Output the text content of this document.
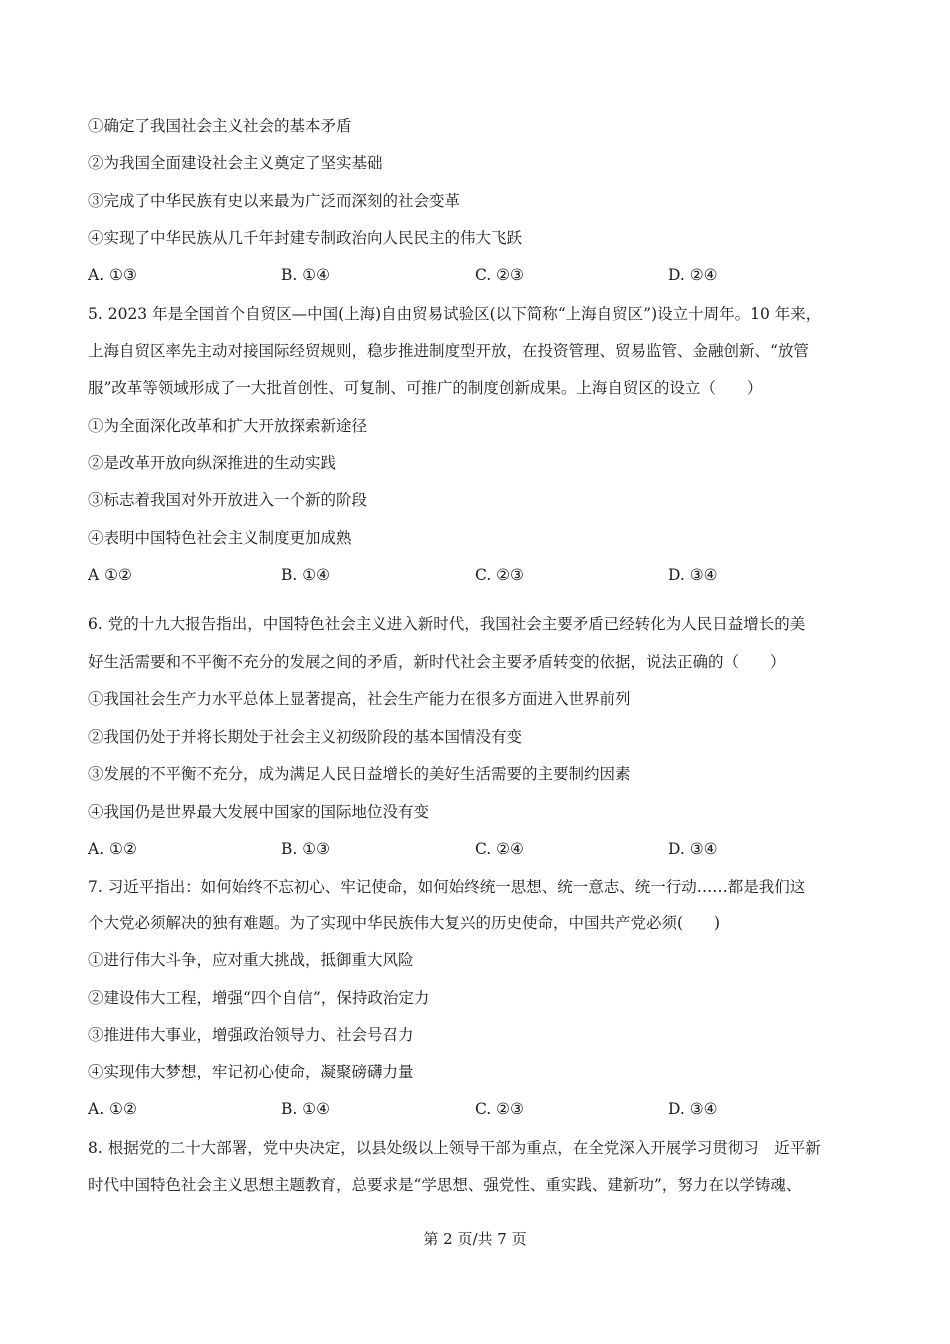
①确定了我国社会主义社会的基本矛盾
②为我国全面建设社会主义奠定了坚实基础
③完成了中华民族有史以来最为广泛而深刻的社会变革
④实现了中华民族从几千年封建专制政治向人民民主的伟大飞跃
A. ①③	B. ①④	C. ②③	D. ②④
5. 2023 年是全国首个自贸区—中国(上海)自由贸易试验区(以下简称“上海自贸区”)设立十周年。10 年来，
上海自贸区率先主动对接国际经贸规则，稳步推进制度型开放，在投资管理、贸易监管、金融创新、“放管
服”改革等领域形成了一大批首创性、可复制、可推广的制度创新成果。上海自贸区的设立（　　）
①为全面深化改革和扩大开放探索新途径
②是改革开放向纵深推进的生动实践
③标志着我国对外开放进入一个新的阶段
④表明中国特色社会主义制度更加成熟
A ①②	B. ①④	C. ②③	D. ③④
6. 党的十九大报告指出，中国特色社会主义进入新时代，我国社会主要矛盾已经转化为人民日益增长的美
好生活需要和不平衡不充分的发展之间的矛盾，新时代社会主要矛盾转变的依据，说法正确的（　　）
①我国社会生产力水平总体上显著提高，社会生产能力在很多方面进入世界前列
②我国仍处于并将长期处于社会主义初级阶段的基本国情没有变
③发展的不平衡不充分，成为满足人民日益增长的美好生活需要的主要制约因素
④我国仍是世界最大发展中国家的国际地位没有变
A. ①②	B. ①③	C. ②④	D. ③④
7. 习近平指出：如何始终不忘初心、牢记使命，如何始终统一思想、统一意志、统一行动……都是我们这
个大党必须解决的独有难题。为了实现中华民族伟大复兴的历史使命，中国共产党必须(　　)
①进行伟大斗争，应对重大挑战，抵御重大风险
②建设伟大工程，增强“四个自信”，保持政治定力
③推进伟大事业，增强政治领导力、社会号召力
④实现伟大梦想，牢记初心使命，凝聚磅礴力量
A. ①②	B. ①④	C. ②③	D. ③④
8. 根据党的二十大部署，党中央决定，以县处级以上领导干部为重点，在全党深入开展学习贯彻习　近平新
时代中国特色社会主义思想主题教育，总要求是“学思想、强党性、重实践、建新功”，努力在以学铸魂、
第 2 页/共 7 页
